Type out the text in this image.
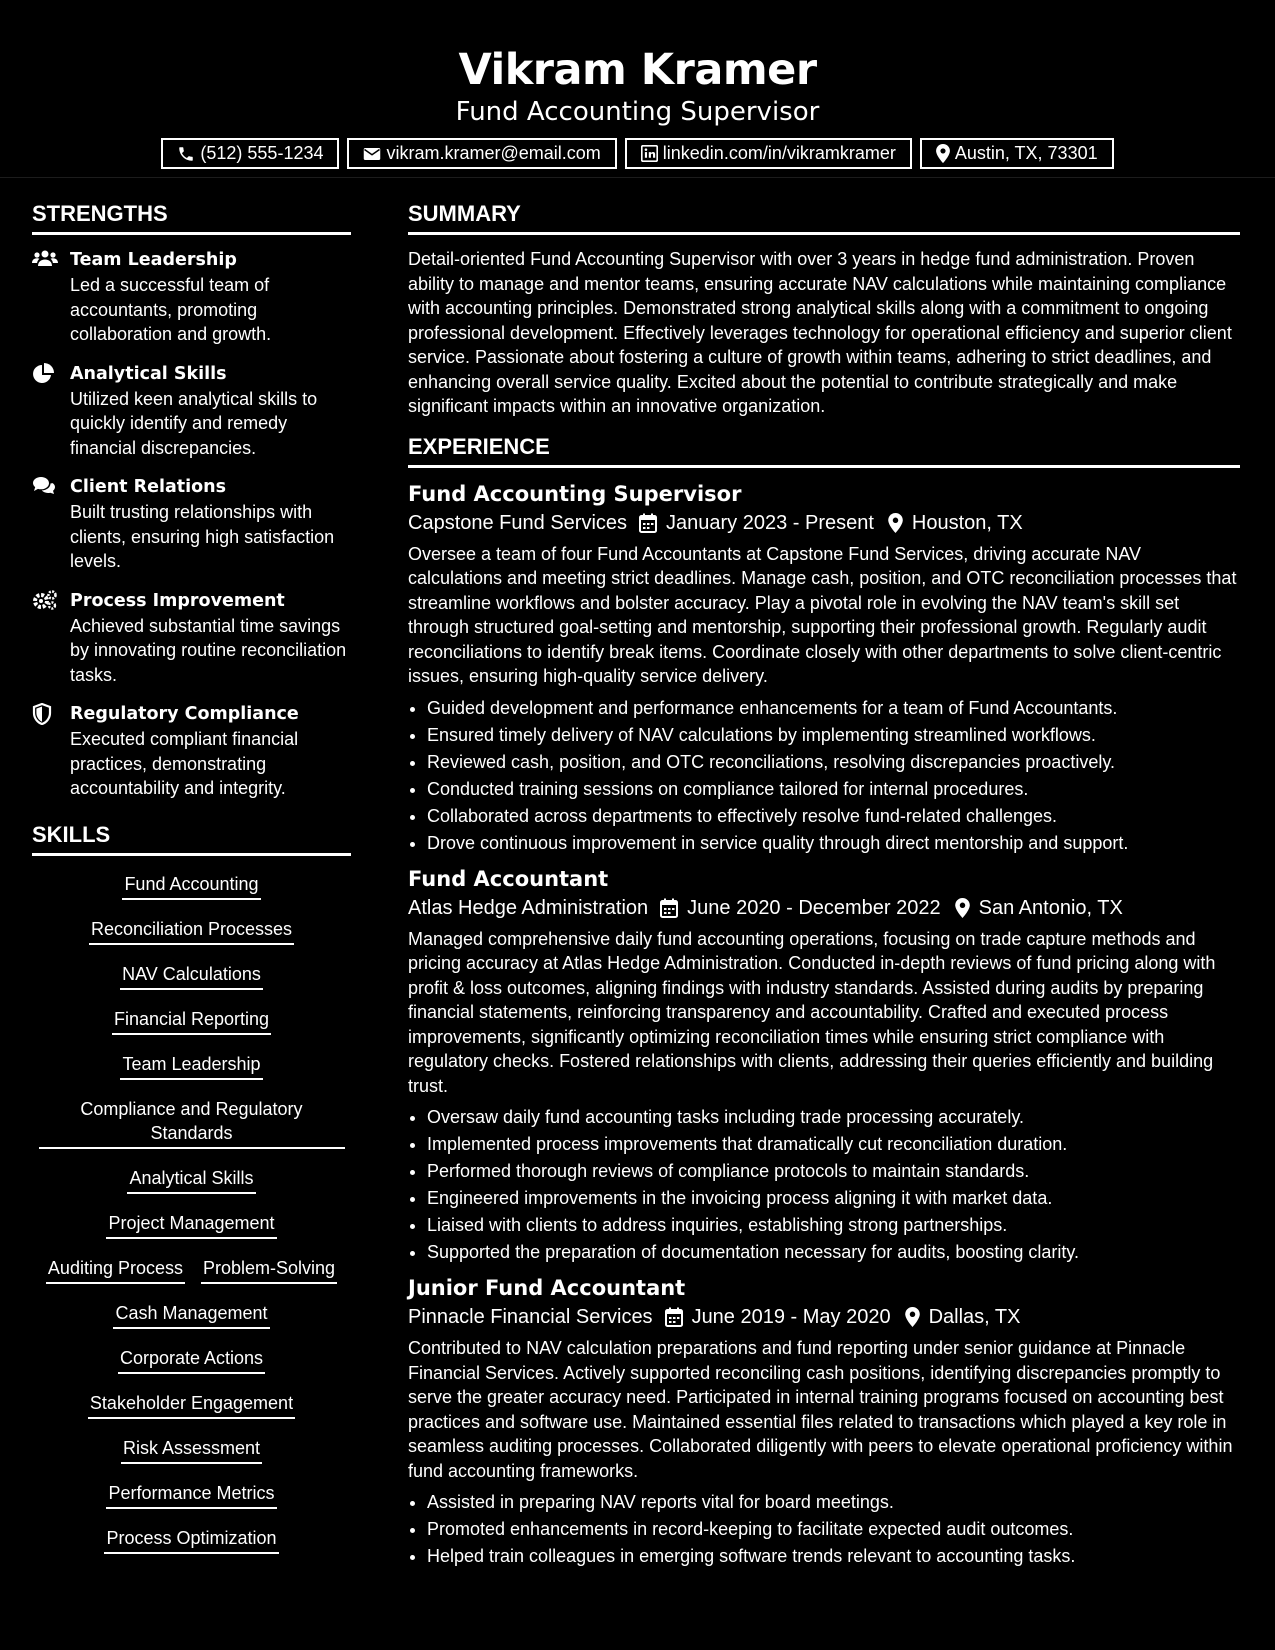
Vikram Kramer
Fund Accounting Supervisor
(512) 555-1234	vikram.kramer@email.com	linkedin.com/in/vikramkramer	Austin, TX, 73301
STRENGTHS
Team Leadership
Led a successful team of accountants, promoting collaboration and growth.
Analytical Skills
Utilized keen analytical skills to quickly identify and remedy financial discrepancies.
Client Relations
Built trusting relationships with clients, ensuring high satisfaction levels.
Process Improvement
Achieved substantial time savings by innovating routine reconciliation tasks.
Regulatory Compliance
Executed compliant financial practices, demonstrating accountability and integrity.
SKILLS
Fund Accounting
Reconciliation Processes
NAV Calculations
Financial Reporting
Team Leadership
Compliance and Regulatory Standards
Analytical Skills
Project Management
Auditing Process Problem-Solving
Cash Management
Corporate Actions
Stakeholder Engagement
Risk Assessment
Performance Metrics
Process Optimization
SUMMARY

Detail-oriented Fund Accounting Supervisor with over 3 years in hedge fund administration. Proven ability to manage and mentor teams, ensuring accurate NAV calculations while maintaining compliance with accounting principles. Demonstrated strong analytical skills along with a commitment to ongoing professional development. Effectively leverages technology for operational efficiency and superior client service. Passionate about fostering a culture of growth within teams, adhering to strict deadlines, and enhancing overall service quality. Excited about the potential to contribute strategically and make significant impacts within an innovative organization.

EXPERIENCE
Fund Accounting Supervisor
Capstone Fund Services January 2023 - Present Houston, TX

Oversee a team of four Fund Accountants at Capstone Fund Services, driving accurate NAV calculations and meeting strict deadlines. Manage cash, position, and OTC reconciliation processes that streamline workflows and bolster accuracy. Play a pivotal role in evolving the NAV team's skill set through structured goal-setting and mentorship, supporting their professional growth. Regularly audit reconciliations to identify break items. Coordinate closely with other departments to solve client-centric issues, ensuring high-quality service delivery.

• Guided development and performance enhancements for a team of Fund Accountants.
• Ensured timely delivery of NAV calculations by implementing streamlined workflows.
• Reviewed cash, position, and OTC reconciliations, resolving discrepancies proactively.
• Conducted training sessions on compliance tailored for internal procedures.
• Collaborated across departments to effectively resolve fund-related challenges.
• Drove continuous improvement in service quality through direct mentorship and support.
Fund Accountant
Atlas Hedge Administration June 2020 - December 2022 San Antonio, TX

Managed comprehensive daily fund accounting operations, focusing on trade capture methods and pricing accuracy at Atlas Hedge Administration. Conducted in-depth reviews of fund pricing along with profit & loss outcomes, aligning findings with industry standards. Assisted during audits by preparing financial statements, reinforcing transparency and accountability. Crafted and executed process improvements, significantly optimizing reconciliation times while ensuring strict compliance with regulatory checks. Fostered relationships with clients, addressing their queries efficiently and building trust.

• Oversaw daily fund accounting tasks including trade processing accurately.
• Implemented process improvements that dramatically cut reconciliation duration.
• Performed thorough reviews of compliance protocols to maintain standards.
• Engineered improvements in the invoicing process aligning it with market data.
• Liaised with clients to address inquiries, establishing strong partnerships.
• Supported the preparation of documentation necessary for audits, boosting clarity.
Junior Fund Accountant
Pinnacle Financial Services June 2019 - May 2020 Dallas, TX

Contributed to NAV calculation preparations and fund reporting under senior guidance at Pinnacle Financial Services. Actively supported reconciling cash positions, identifying discrepancies promptly to serve the greater accuracy need. Participated in internal training programs focused on accounting best practices and software use. Maintained essential files related to transactions which played a key role in seamless auditing processes. Collaborated diligently with peers to elevate operational proficiency within fund accounting frameworks.

• Assisted in preparing NAV reports vital for board meetings.
• Promoted enhancements in record-keeping to facilitate expected audit outcomes.
• Helped train colleagues in emerging software trends relevant to accounting tasks.
